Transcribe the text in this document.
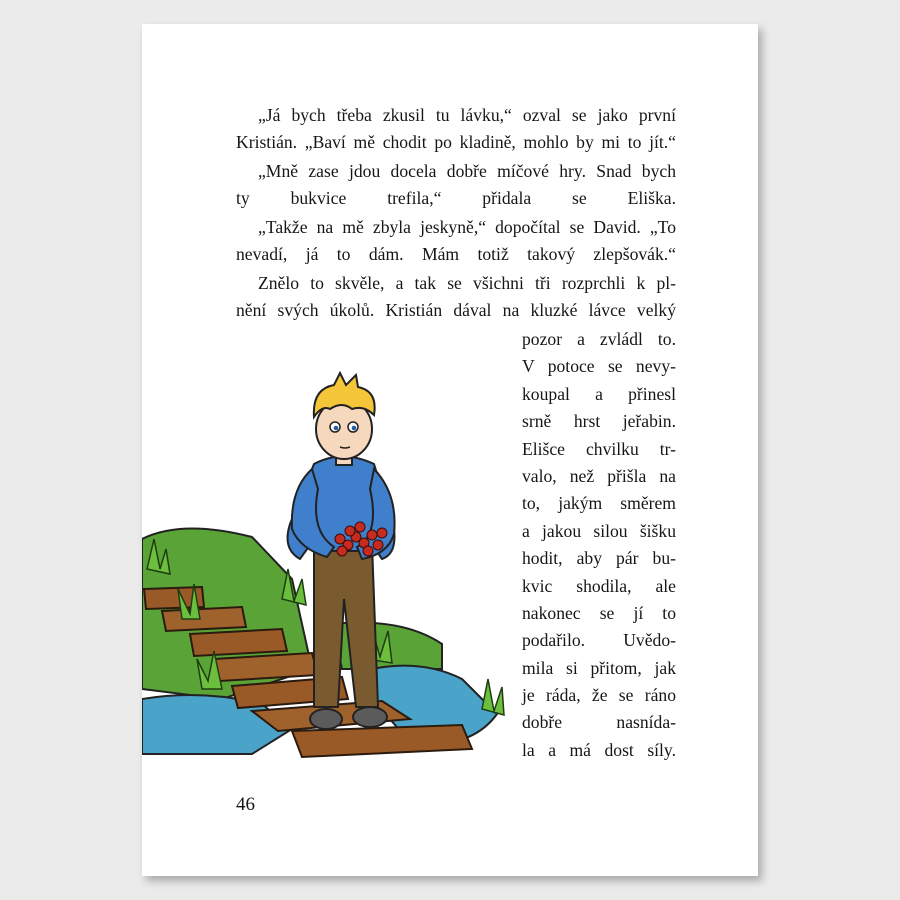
„Já bych třeba zkusil tu lávku,“ ozval se jako první
Kristián. „Baví mě chodit po kladině, mohlo by mi to jít.“
„Mně zase jdou docela dobře míčové hry. Snad bych
ty bukvice trefila,“ přidala se Eliška.
„Takže na mě zbyla jeskyně,“ dopočítal se David. „To
nevadí, já to dám. Mám totiž takový zlepšovák.“
Znělo to skvěle, a tak se všichni tři rozprchli k pl-
nění svých úkolů. Kristián dával na kluzké lávce velký
pozor a zvládl to.
V potoce se nevy-
koupal a přinesl
srně hrst jeřabin.
Elišce chvilku tr-
valo, než přišla na
to, jakým směrem
a jakou silou šišku
hodit, aby pár bu-
kvic shodila, ale
nakonec se jí to
podařilo. Uvědo-
mila si přitom, jak
je ráda, že se ráno
dobře nasnída-
la a má dost síly.
46
